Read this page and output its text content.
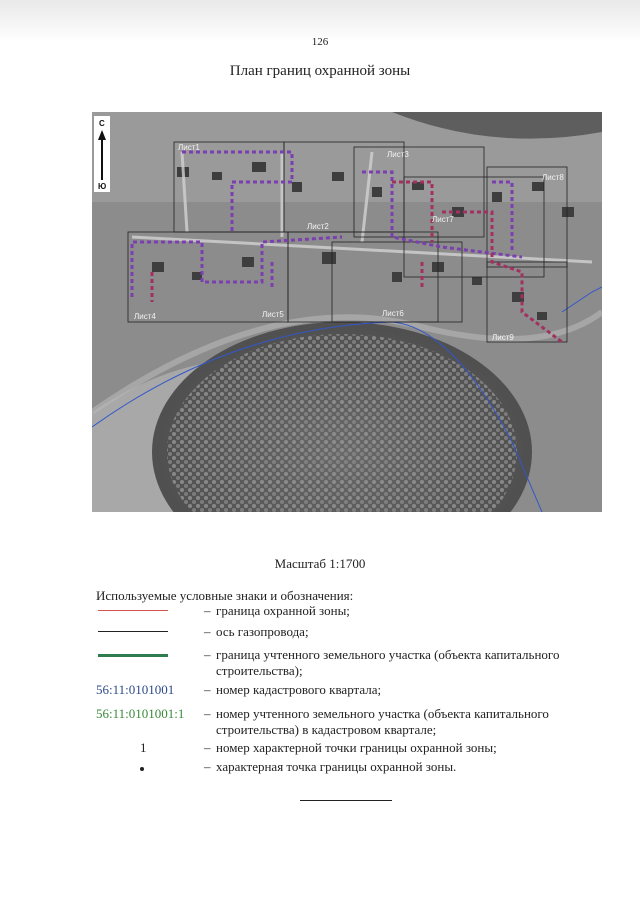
126
План границ охранной зоны
Лист1
Лист2
Лист3
Лист4	Лист5	Лист6
Лист7
Лист8
Лист9
С
Ю
Масштаб 1:1700
Используемые условные знаки и обозначения:
– граница охранной зоны;
– ось газопровода;
– граница учтенного земельного участка (объекта капитального строительства);
56:11:0101001 – номер кадастрового квартала;
56:11:0101001:1 – номер учтенного земельного участка (объекта капитального строительства) в кадастровом квартале;
1	– номер характерной точки границы охранной зоны;
– характерная точка границы охранной зоны.
